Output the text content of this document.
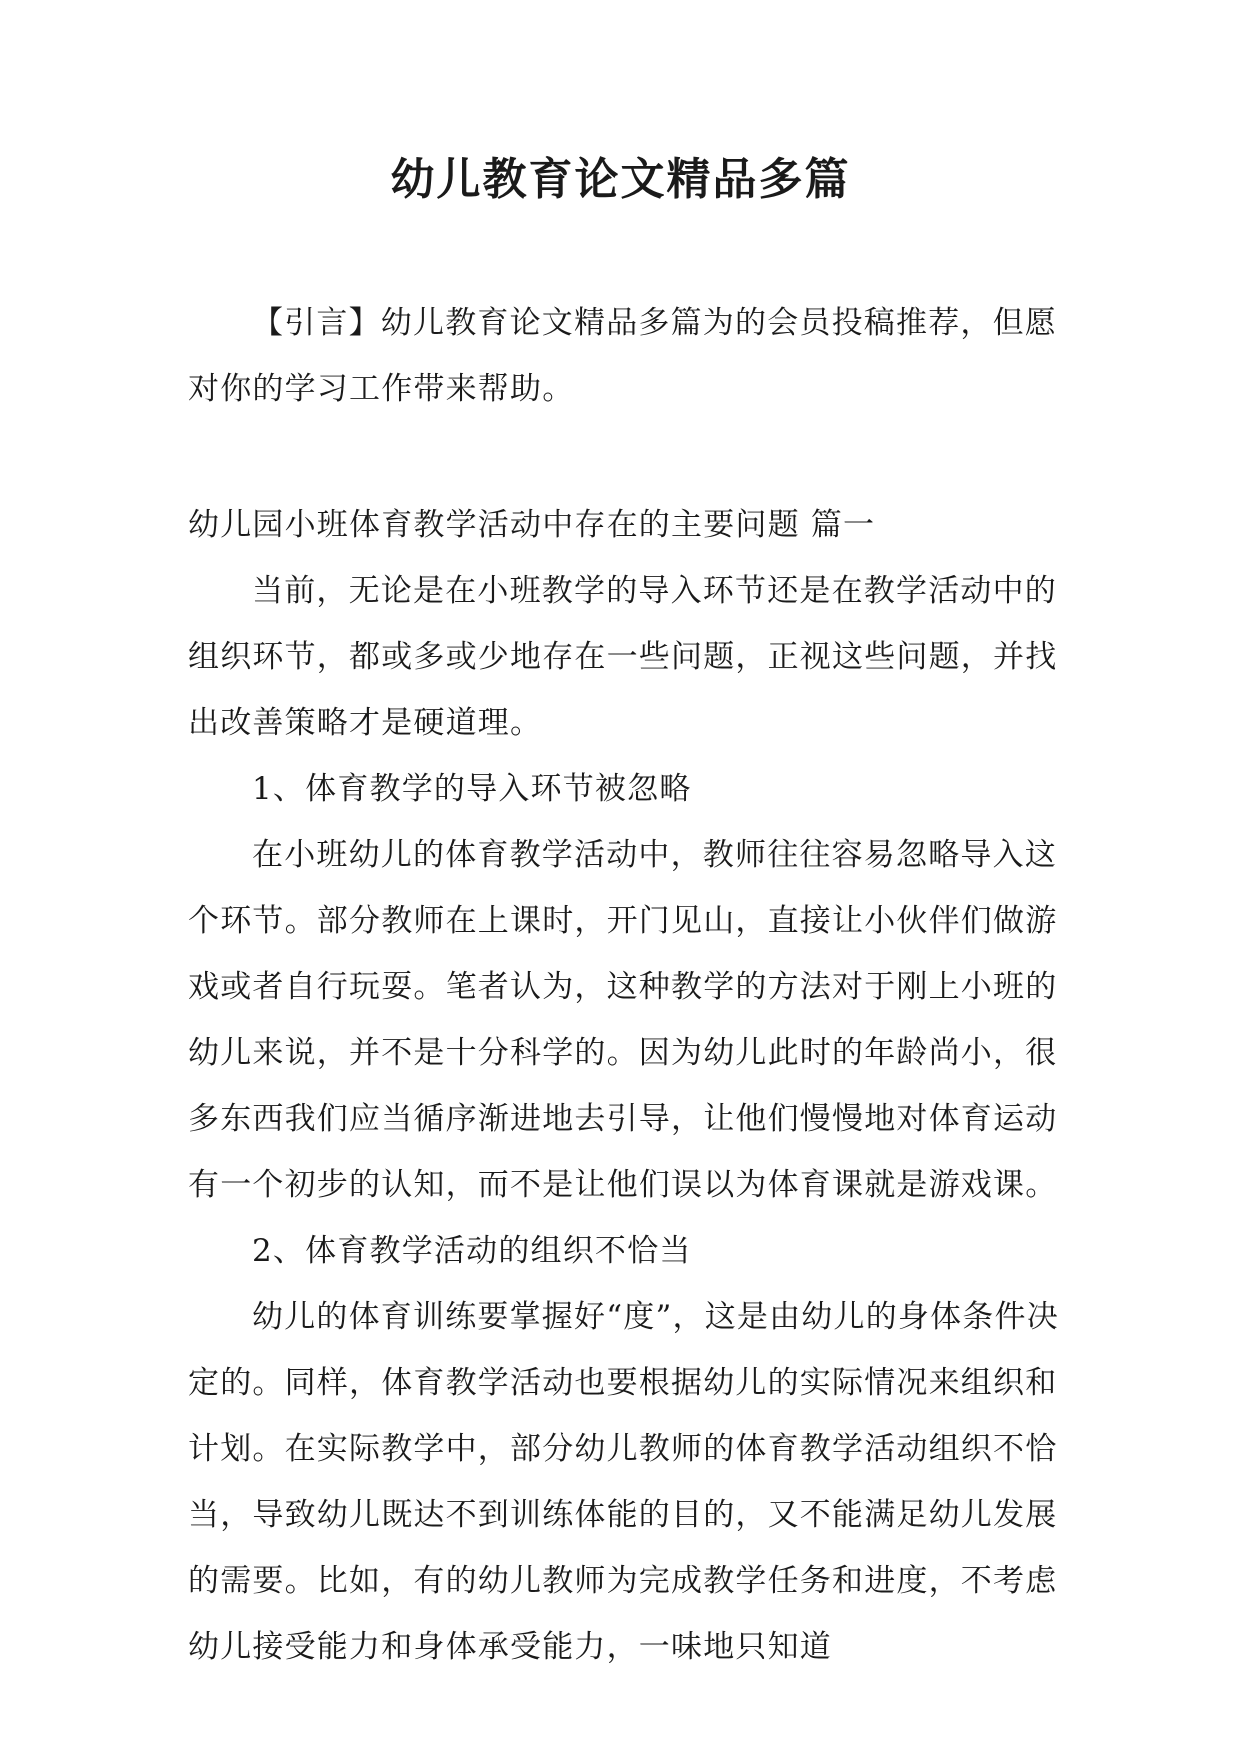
幼儿教育论文精品多篇

【引言】幼儿教育论文精品多篇为的会员投稿推荐，但愿对你的学习工作带来帮助。

幼儿园小班体育教学活动中存在的主要问题 篇一

当前，无论是在小班教学的导入环节还是在教学活动中的组织环节，都或多或少地存在一些问题，正视这些问题，并找出改善策略才是硬道理。

1、体育教学的导入环节被忽略

在小班幼儿的体育教学活动中，教师往往容易忽略导入这个环节。部分教师在上课时，开门见山，直接让小伙伴们做游戏或者自行玩耍。笔者认为，这种教学的方法对于刚上小班的幼儿来说，并不是十分科学的。因为幼儿此时的年龄尚小，很多东西我们应当循序渐进地去引导，让他们慢慢地对体育运动有一个初步的认知，而不是让他们误以为体育课就是游戏课。

2、体育教学活动的组织不恰当

幼儿的体育训练要掌握好“度”，这是由幼儿的身体条件决定的。同样，体育教学活动也要根据幼儿的实际情况来组织和计划。在实际教学中，部分幼儿教师的体育教学活动组织不恰当，导致幼儿既达不到训练体能的目的，又不能满足幼儿发展的需要。比如，有的幼儿教师为完成教学任务和进度，不考虑幼儿接受能力和身体承受能力，一味地只知道
